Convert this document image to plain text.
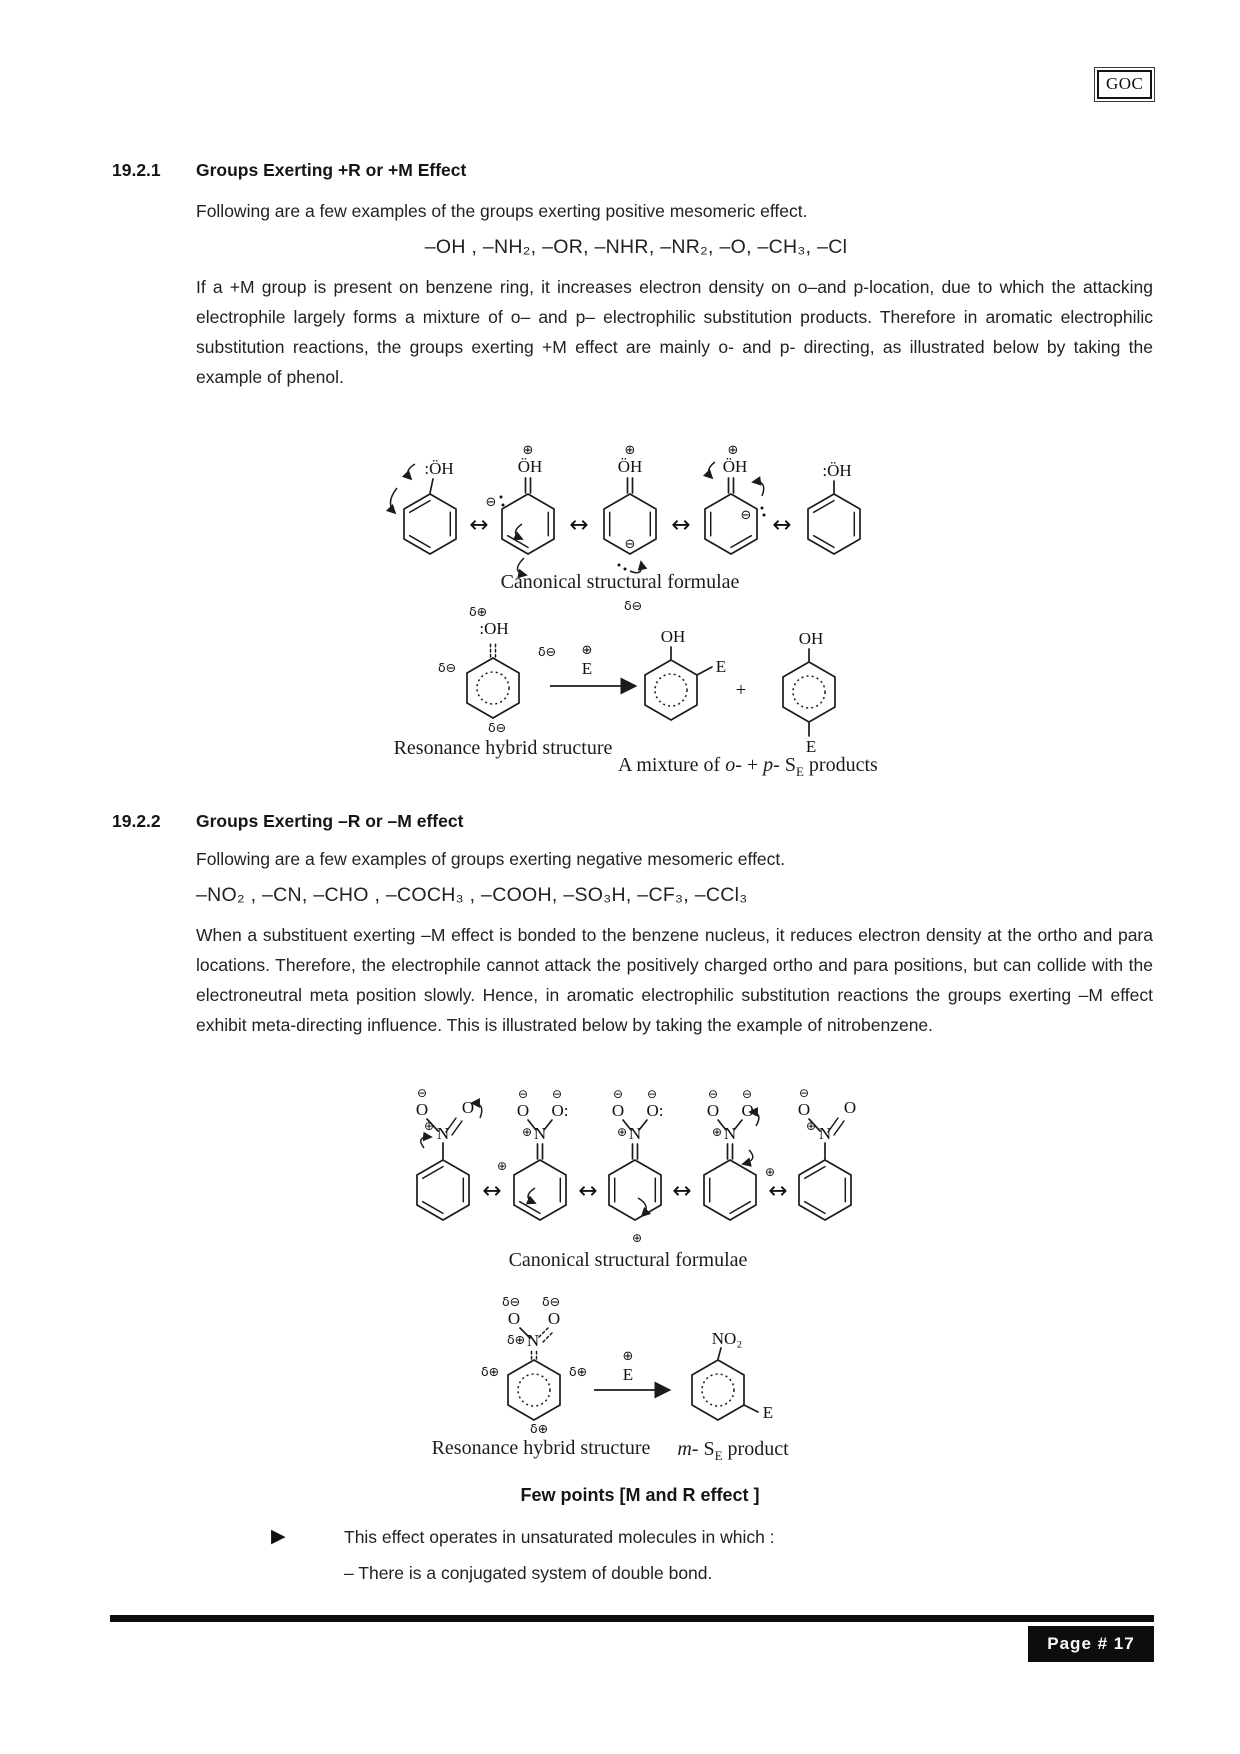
GOC
19.2.1 Groups Exerting +R or +M Effect
Following are a few examples of the groups exerting positive mesomeric effect.
–OH , –NH₂, –OR, –NHR, –NR₂, –O, –CH₃, –Cl
If a +M group is present on benzene ring, it increases electron density on o–and p-location, due to which the attacking electrophile largely forms a mixture of o– and p– electrophilic substitution products. Therefore in aromatic electrophilic substitution reactions, the groups exerting +M effect are mainly o- and p- directing, as illustrated below by taking the example of phenol.
:ÖH
↔
⊕
ÖH
⊖
↔
⊕
ÖH
⊖
↔
⊕
ÖH
⊖ ↔
:ÖH
Canonical structural formulae
δ⊕
:OH
δ⊖
δ⊖
δ⊖
δ⊖ ⊕
E
OH
E
+
OH
E
Resonance hybrid structure
A mixture of o- + p- $S_E$ products
19.2.2 Groups Exerting –R or –M effect
Following are a few examples of groups exerting negative mesomeric effect.
–NO₂ , –CN, –CHO , –COCH₃ , –COOH, –SO₃H, –CF₃, –CCl₃
When a substituent exerting –M effect is bonded to the benzene nucleus, it reduces electron density at the ortho and para locations. Therefore, the electrophile cannot attack the positively charged ortho and para positions, but can collide with the electroneutral meta position slowly. Hence, in aromatic electrophilic substitution reactions the groups exerting –M effect exhibit meta-directing influence. This is illustrated below by taking the example of nitrobenzene.
N
⊕
O
⊖
O
↔
⊖
O
⊖
O:
⊕ N
⊕
↔
⊖
O
⊖
O:
⊕ N
⊕
↔
⊖
O
⊖
O:
⊕ N
⊕
↔
N
⊕
O
⊖
O
Canonical structural formulae
δ⊖ δ⊖
O O
δ⊕ N
δ⊕	δ⊕
δ⊕
⊕
E
NO₂
E
Resonance hybrid structure	m- $S_E$ product
Few points [M and R effect ]
▶	This effect operates in unsaturated molecules in which :
– There is a conjugated system of double bond.
Page # 17
